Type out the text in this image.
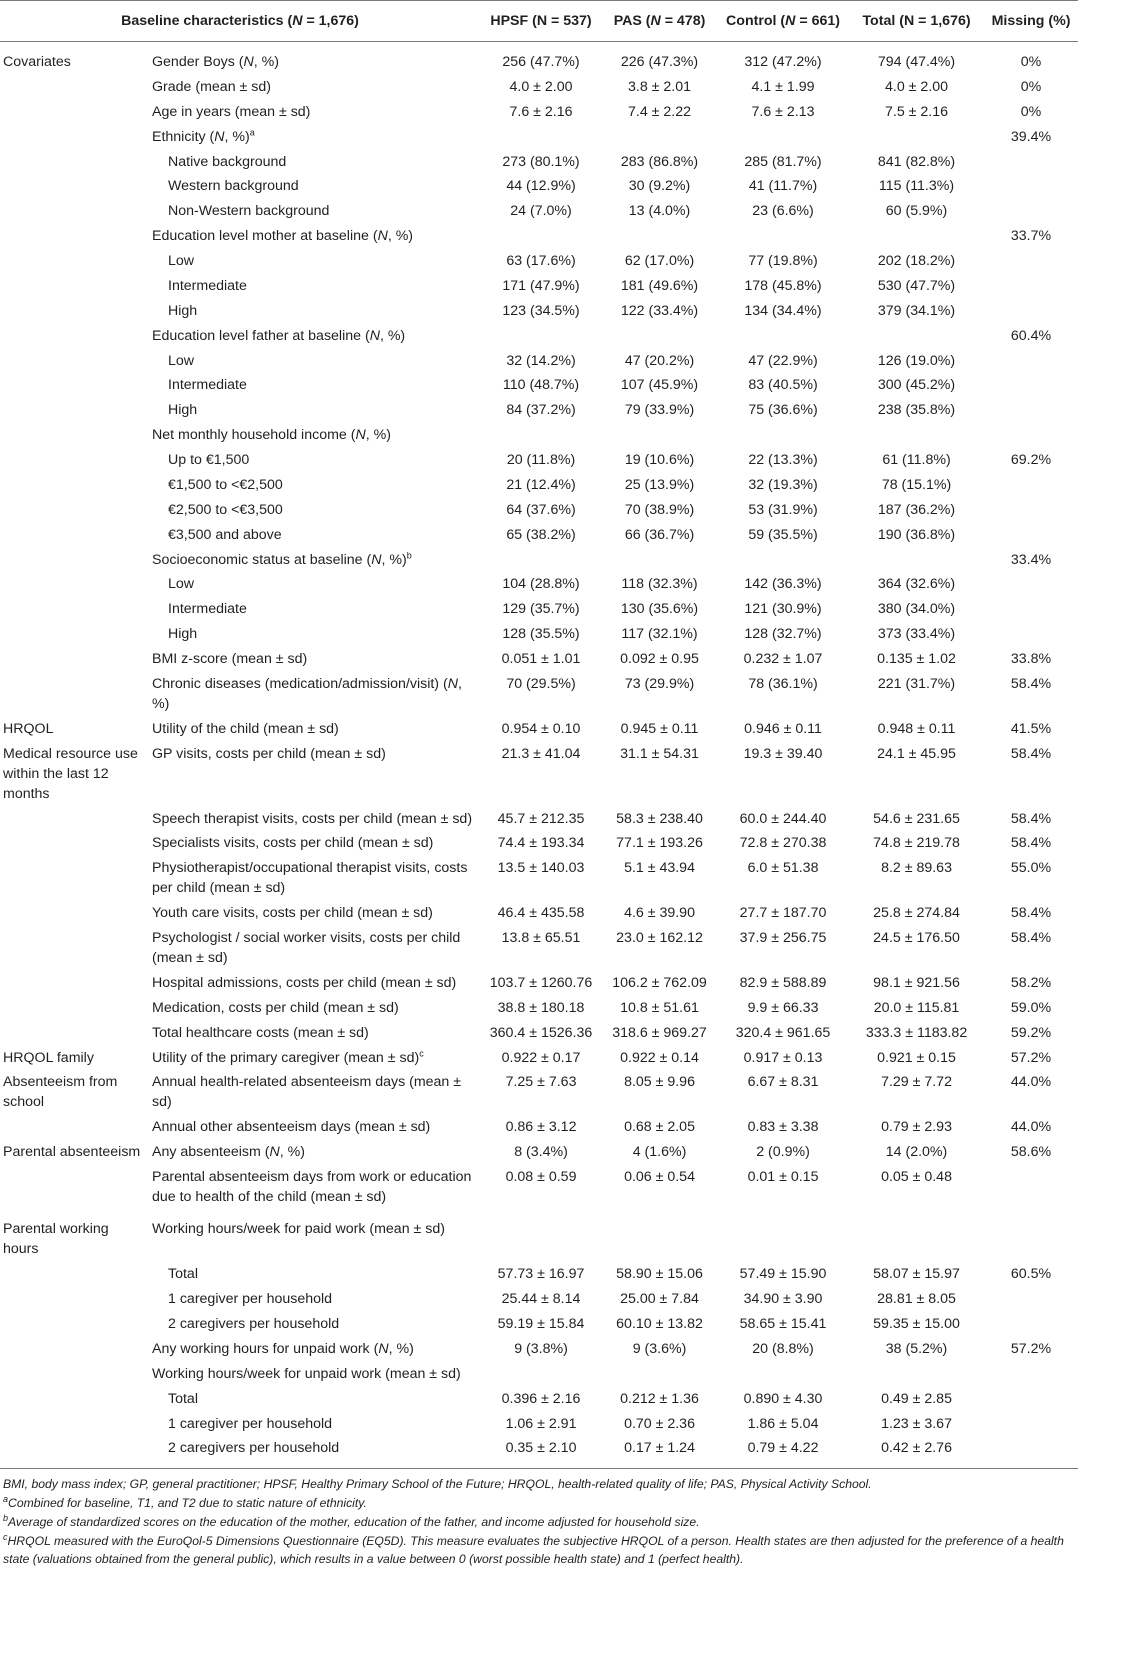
Baseline characteristics (N = 1,676)		HPSF (N = 537)	PAS (N = 478)	Control (N = 661)	Total (N = 1,676)	Missing (%)
Covariates	Gender Boys (N, %)	256 (47.7%)	226 (47.3%)	312 (47.2%)	794 (47.4%)	0%
	Grade (mean ± sd)	4.0 ± 2.00	3.8 ± 2.01	4.1 ± 1.99	4.0 ± 2.00	0%
	Age in years (mean ± sd)	7.6 ± 2.16	7.4 ± 2.22	7.6 ± 2.13	7.5 ± 2.16	0%
	Ethnicity (N, %)$^a$					39.4%
	Native background	273 (80.1%)	283 (86.8%)	285 (81.7%)	841 (82.8%)	
	Western background	44 (12.9%)	30 (9.2%)	41 (11.7%)	115 (11.3%)	
	Non-Western background	24 (7.0%)	13 (4.0%)	23 (6.6%)	60 (5.9%)	
	Education level mother at baseline (N, %)					33.7%
	Low	63 (17.6%)	62 (17.0%)	77 (19.8%)	202 (18.2%)	
	Intermediate	171 (47.9%)	181 (49.6%)	178 (45.8%)	530 (47.7%)	
	High	123 (34.5%)	122 (33.4%)	134 (34.4%)	379 (34.1%)	
	Education level father at baseline (N, %)					60.4%
	Low	32 (14.2%)	47 (20.2%)	47 (22.9%)	126 (19.0%)	
	Intermediate	110 (48.7%)	107 (45.9%)	83 (40.5%)	300 (45.2%)	
	High	84 (37.2%)	79 (33.9%)	75 (36.6%)	238 (35.8%)	
	Net monthly household income (N, %)					
	Up to €1,500	20 (11.8%)	19 (10.6%)	22 (13.3%)	61 (11.8%)	69.2%
	€1,500 to <€2,500	21 (12.4%)	25 (13.9%)	32 (19.3%)	78 (15.1%)	
	€2,500 to <€3,500	64 (37.6%)	70 (38.9%)	53 (31.9%)	187 (36.2%)	
	€3,500 and above	65 (38.2%)	66 (36.7%)	59 (35.5%)	190 (36.8%)	
	Socioeconomic status at baseline (N, %)$^b$					33.4%
	Low	104 (28.8%)	118 (32.3%)	142 (36.3%)	364 (32.6%)	
	Intermediate	129 (35.7%)	130 (35.6%)	121 (30.9%)	380 (34.0%)	
	High	128 (35.5%)	117 (32.1%)	128 (32.7%)	373 (33.4%)	
	BMI z-score (mean ± sd)	0.051 ± 1.01	0.092 ± 0.95	0.232 ± 1.07	0.135 ± 1.02	33.8%
	Chronic diseases (medication/admission/visit) (N, %)	70 (29.5%)	73 (29.9%)	78 (36.1%)	221 (31.7%)	58.4%
HRQOL	Utility of the child (mean ± sd)	0.954 ± 0.10	0.945 ± 0.11	0.946 ± 0.11	0.948 ± 0.11	41.5%
Medical resource use within the last 12 months	GP visits, costs per child (mean ± sd)	21.3 ± 41.04	31.1 ± 54.31	19.3 ± 39.40	24.1 ± 45.95	58.4%
	Speech therapist visits, costs per child (mean ± sd)	45.7 ± 212.35	58.3 ± 238.40	60.0 ± 244.40	54.6 ± 231.65	58.4%
	Specialists visits, costs per child (mean ± sd)	74.4 ± 193.34	77.1 ± 193.26	72.8 ± 270.38	74.8 ± 219.78	58.4%
	Physiotherapist/occupational therapist visits, costs per child (mean ± sd)	13.5 ± 140.03	5.1 ± 43.94	6.0 ± 51.38	8.2 ± 89.63	55.0%
	Youth care visits, costs per child (mean ± sd)	46.4 ± 435.58	4.6 ± 39.90	27.7 ± 187.70	25.8 ± 274.84	58.4%
	Psychologist / social worker visits, costs per child (mean ± sd)	13.8 ± 65.51	23.0 ± 162.12	37.9 ± 256.75	24.5 ± 176.50	58.4%
	Hospital admissions, costs per child (mean ± sd)	103.7 ± 1260.76	106.2 ± 762.09	82.9 ± 588.89	98.1 ± 921.56	58.2%
	Medication, costs per child (mean ± sd)	38.8 ± 180.18	10.8 ± 51.61	9.9 ± 66.33	20.0 ± 115.81	59.0%
	Total healthcare costs (mean ± sd)	360.4 ± 1526.36	318.6 ± 969.27	320.4 ± 961.65	333.3 ± 1183.82	59.2%
HRQOL family	Utility of the primary caregiver (mean ± sd)$^c$	0.922 ± 0.17	0.922 ± 0.14	0.917 ± 0.13	0.921 ± 0.15	57.2%
Absenteeism from school	Annual health-related absenteeism days (mean ± sd)	7.25 ± 7.63	8.05 ± 9.96	6.67 ± 8.31	7.29 ± 7.72	44.0%
	Annual other absenteeism days (mean ± sd)	0.86 ± 3.12	0.68 ± 2.05	0.83 ± 3.38	0.79 ± 2.93	44.0%
Parental absenteeism	Any absenteeism (N, %)	8 (3.4%)	4 (1.6%)	2 (0.9%)	14 (2.0%)	58.6%
	Parental absenteeism days from work or education due to health of the child (mean ± sd)	0.08 ± 0.59	0.06 ± 0.54	0.01 ± 0.15	0.05 ± 0.48	
Parental working hours	Working hours/week for paid work (mean ± sd)					
	Total	57.73 ± 16.97	58.90 ± 15.06	57.49 ± 15.90	58.07 ± 15.97	60.5%
	1 caregiver per household	25.44 ± 8.14	25.00 ± 7.84	34.90 ± 3.90	28.81 ± 8.05	
	2 caregivers per household	59.19 ± 15.84	60.10 ± 13.82	58.65 ± 15.41	59.35 ± 15.00	
	Any working hours for unpaid work (N, %)	9 (3.8%)	9 (3.6%)	20 (8.8%)	38 (5.2%)	57.2%
	Working hours/week for unpaid work (mean ± sd)					
	Total	0.396 ± 2.16	0.212 ± 1.36	0.890 ± 4.30	0.49 ± 2.85	
	1 caregiver per household	1.06 ± 2.91	0.70 ± 2.36	1.86 ± 5.04	1.23 ± 3.67	
	2 caregivers per household	0.35 ± 2.10	0.17 ± 1.24	0.79 ± 4.22	0.42 ± 2.76	

BMI, body mass index; GP, general practitioner; HPSF, Healthy Primary School of the Future; HRQOL, health-related quality of life; PAS, Physical Activity School.

$^a$Combined for baseline, T1, and T2 due to static nature of ethnicity.

$^b$Average of standardized scores on the education of the mother, education of the father, and income adjusted for household size.

$^c$HRQOL measured with the EuroQol-5 Dimensions Questionnaire (EQ5D). This measure evaluates the subjective HRQOL of a person. Health states are then adjusted for the preference of a health state (valuations obtained from the general public), which results in a value between 0 (worst possible health state) and 1 (perfect health).
